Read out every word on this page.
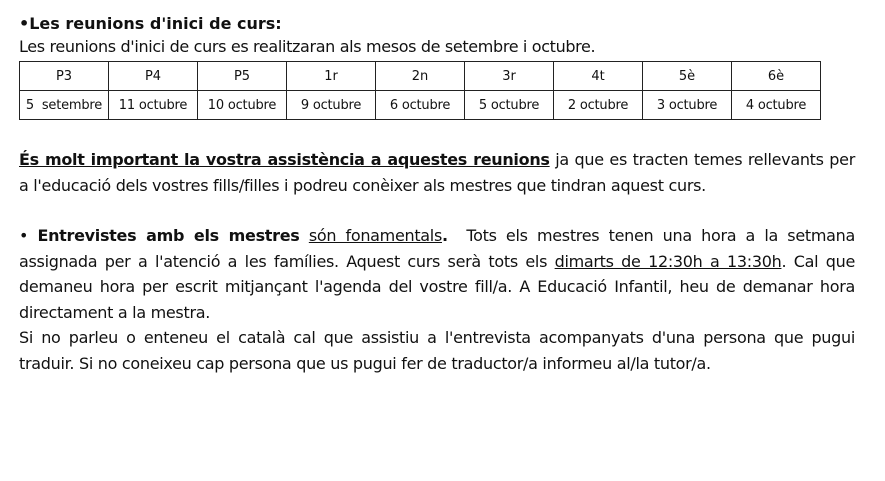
•Les reunions d'inici de curs:

Les reunions d'inici de curs es realitzaran als mesos de setembre i octubre.

P3	P4	P5	1r	2n	3r	4t	5è	6è
5  setembre	11 octubre	10 octubre	9 octubre	6 octubre	5 octubre	2 octubre	3 octubre	4 octubre

És molt important la vostra assistència a aquestes reunions ja que es tracten temes rellevants per a l'educació dels vostres fills/filles i podreu conèixer als mestres que tindran aquest curs.

• Entrevistes amb els mestres són fonamentals.  Tots els mestres tenen una hora a la setmana assignada per a l'atenció a les famílies. Aquest curs serà tots els dimarts de 12:30h a 13:30h. Cal que demaneu hora per escrit mitjançant l'agenda del vostre fill/a. A Educació Infantil, heu de demanar hora directament a la mestra.

Si no parleu o enteneu el català cal que assistiu a l'entrevista acompanyats d'una persona que pugui traduir. Si no coneixeu cap persona que us pugui fer de traductor/a informeu al/la tutor/a.
